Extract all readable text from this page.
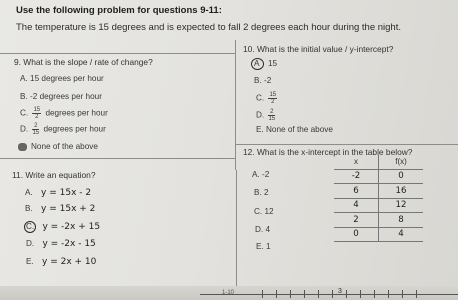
Use the following problem for questions 9-11:
The temperature is 15 degrees and is expected to fall 2 degrees each hour during the night.
9. What is the slope / rate of change?
A. 15 degrees per hour
B. -2 degrees per hour
C. $\frac{15}{2}$ degrees per hour
D. $\frac{2}{15}$ degrees per hour
None of the above
10. What is the initial value / y-intercept?
A 15
B. -2
C. $\frac{15}{2}$
D. $\frac{2}{15}$
E. None of the above
11. Write an equation?
A. y = 15x - 2
B. y = 15x + 2
C. y = -2x + 15
D. y = -2x - 15
E. y = 2x + 10
12. What is the x-intercept in the table below?
A. -2
B. 2
C. 12
D. 4
E. 1
x	f(x)
-2	0
6	16
4	12
2	8
0	4
1-10	3
